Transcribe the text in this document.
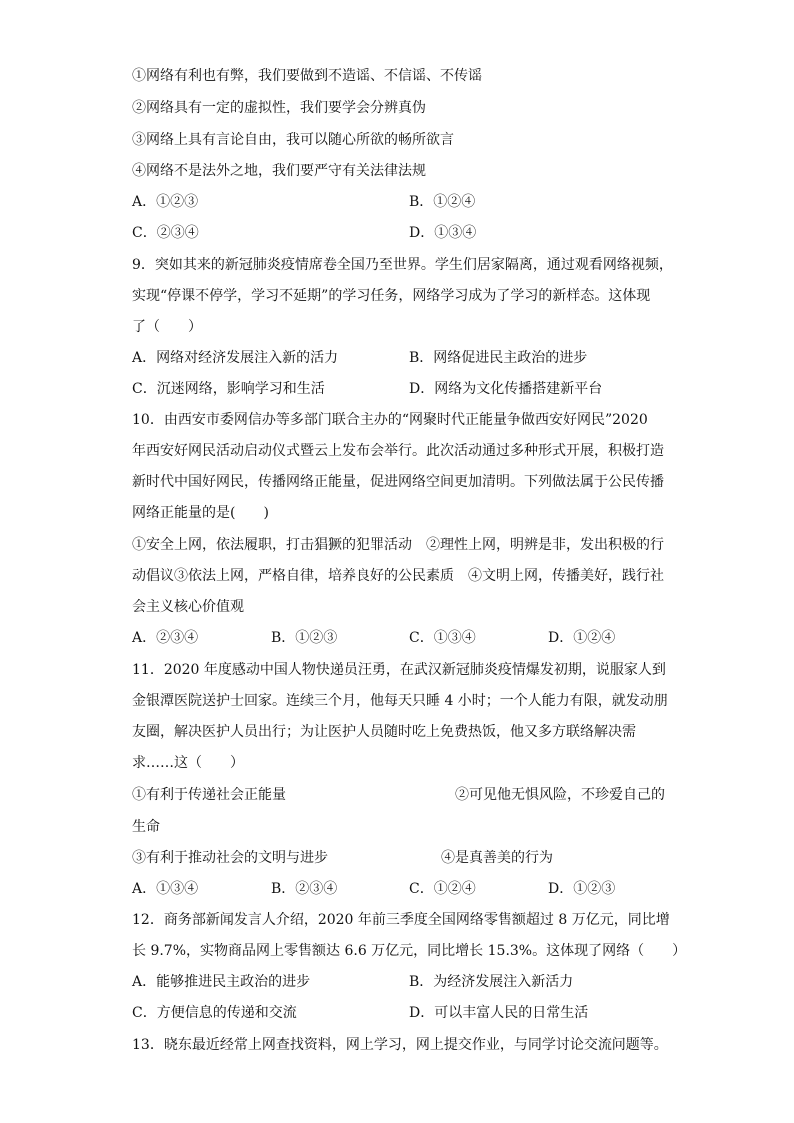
①网络有利也有弊，我们要做到不造谣、不信谣、不传谣
②网络具有一定的虚拟性，我们要学会分辨真伪
③网络上具有言论自由，我可以随心所欲的畅所欲言
④网络不是法外之地，我们要严守有关法律法规
A．①②③	B．①②④
C．②③④	D．①③④
9．突如其来的新冠肺炎疫情席卷全国乃至世界。学生们居家隔离，通过观看网络视频，
实现“停课不停学，学习不延期”的学习任务，网络学习成为了学习的新样态。这体现
了（　　）
A．网络对经济发展注入新的活力	B．网络促进民主政治的进步
C．沉迷网络，影响学习和生活	D．网络为文化传播搭建新平台
10．由西安市委网信办等多部门联合主办的“网聚时代正能量争做西安好网民”2020
年西安好网民活动启动仪式暨云上发布会举行。此次活动通过多种形式开展，积极打造
新时代中国好网民，传播网络正能量，促进网络空间更加清明。下列做法属于公民传播
网络正能量的是(　　)
①安全上网，依法履职，打击猖獗的犯罪活动　②理性上网，明辨是非，发出积极的行
动倡议③依法上网，严格自律，培养良好的公民素质　④文明上网，传播美好，践行社
会主义核心价值观
A．②③④	B．①②③	C．①③④	D．①②④
11．2020 年度感动中国人物快递员汪勇，在武汉新冠肺炎疫情爆发初期，说服家人到
金银潭医院送护士回家。连续三个月，他每天只睡 4 小时；一个人能力有限，就发动朋
友圈，解决医护人员出行；为让医护人员随时吃上免费热饭，他又多方联络解决需
求……这（　　）
①有利于传递社会正能量	②可见他无惧风险，不珍爱自己的
生命
③有利于推动社会的文明与进步	④是真善美的行为
A．①③④	B．②③④	C．①②④	D．①②③
12．商务部新闻发言人介绍，2020 年前三季度全国网络零售额超过 8 万亿元，同比增
长 9.7%，实物商品网上零售额达 6.6 万亿元，同比增长 15.3%。这体现了网络（　　）
A．能够推进民主政治的进步	B．为经济发展注入新活力
C．方便信息的传递和交流	D．可以丰富人民的日常生活
13．晓东最近经常上网查找资料，网上学习，网上提交作业，与同学讨论交流问题等。
